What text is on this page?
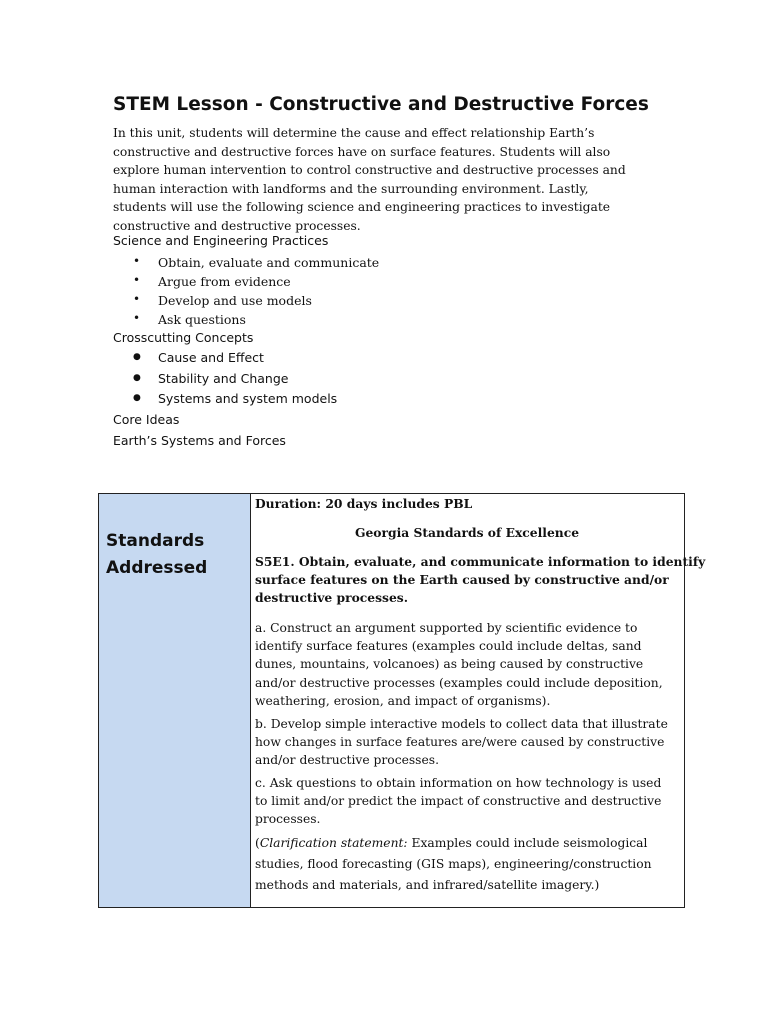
STEM Lesson - Constructive and Destructive Forces
In this unit, students will determine the cause and effect relationship Earth’s
constructive and destructive forces have on surface features. Students will also
explore human intervention to control constructive and destructive processes and
human interaction with landforms and the surrounding environment. Lastly,
students will use the following science and engineering practices to investigate
constructive and destructive processes.
Science and Engineering Practices
• Obtain, evaluate and communicate
• Argue from evidence
• Develop and use models
• Ask questions
Crosscutting Concepts
● Cause and Effect
● Stability and Change
● Systems and system models
Core Ideas
Earth’s Systems and Forces
Standards
Addressed
Duration: 20 days includes PBL
Georgia Standards of Excellence
S5E1. Obtain, evaluate, and communicate information to identify
surface features on the Earth caused by constructive and/or
destructive processes.
a. Construct an argument supported by scientific evidence to
identify surface features (examples could include deltas, sand
dunes, mountains, volcanoes) as being caused by constructive
and/or destructive processes (examples could include deposition,
weathering, erosion, and impact of organisms).
b. Develop simple interactive models to collect data that illustrate
how changes in surface features are/were caused by constructive
and/or destructive processes.
c. Ask questions to obtain information on how technology is used
to limit and/or predict the impact of constructive and destructive
processes.
(Clarification statement: Examples could include seismological
studies, flood forecasting (GIS maps), engineering/construction
methods and materials, and infrared/satellite imagery.)
